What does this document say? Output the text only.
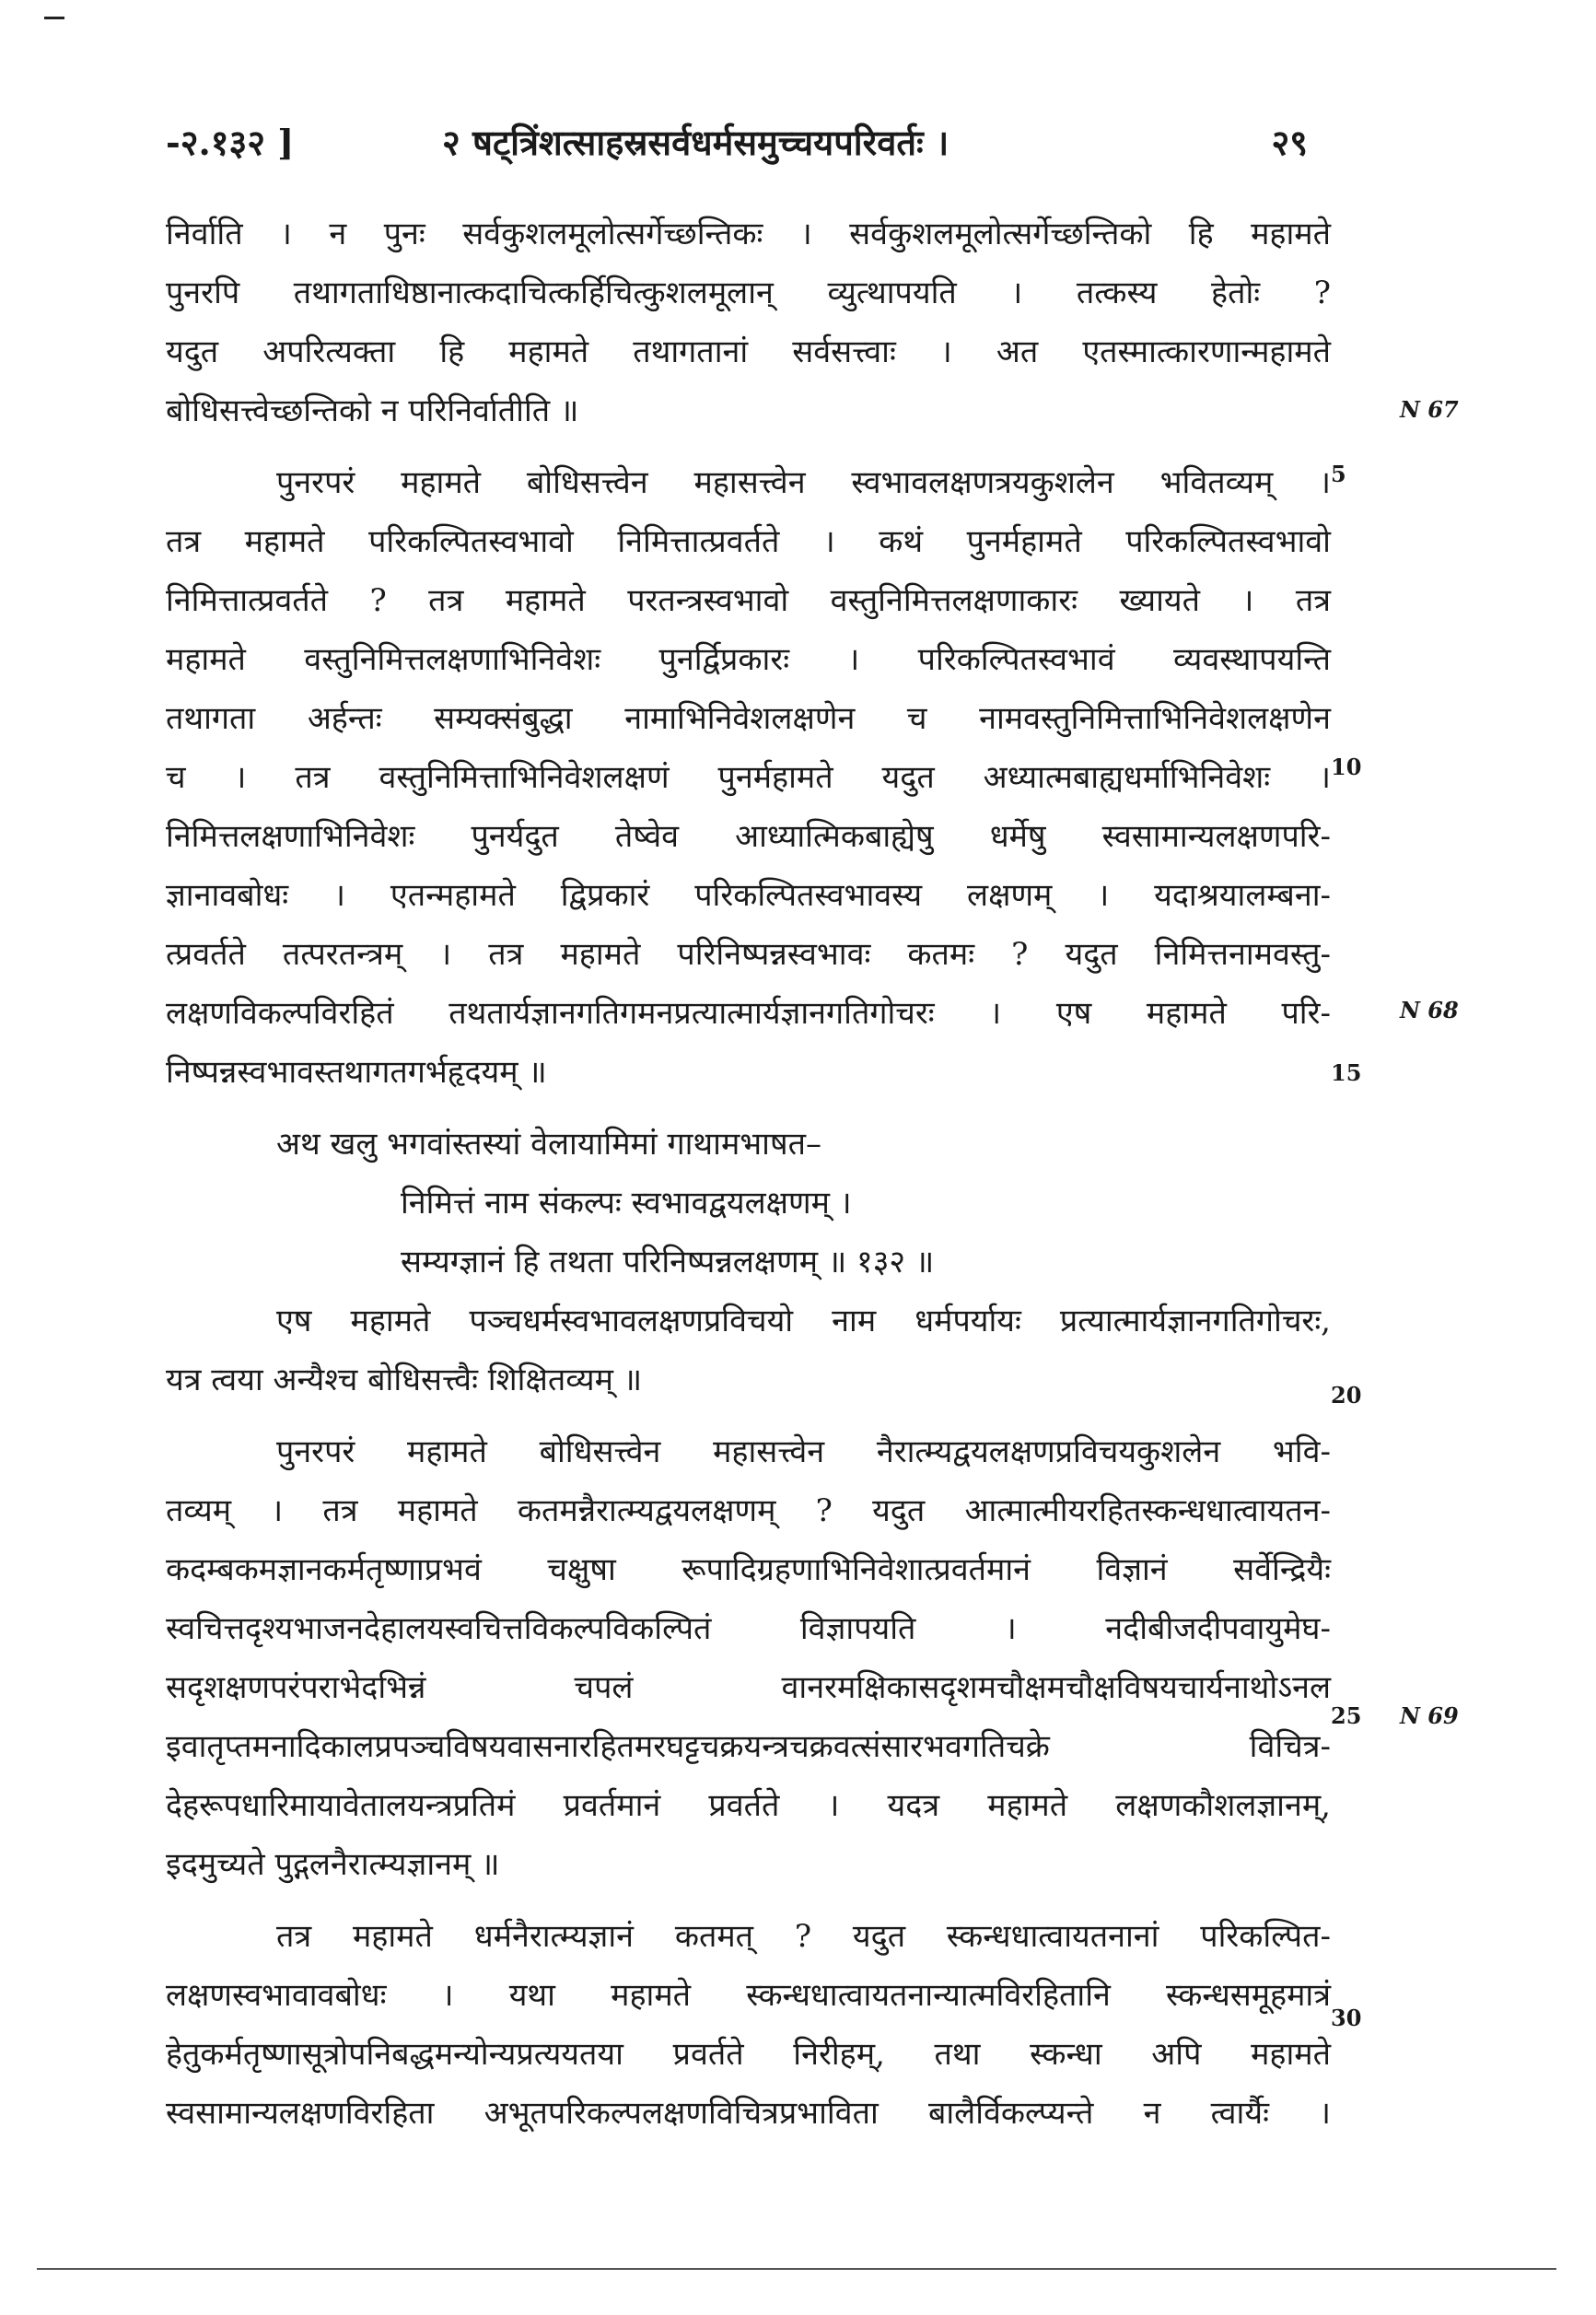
-२.१३२ ]	२ षट्त्रिंशत्साहस्रसर्वधर्मसमुच्चयपरिवर्तः ।	२९
निर्वाति । न पुनः सर्वकुशलमूलोत्सर्गेच्छन्तिकः । सर्वकुशलमूलोत्सर्गेच्छन्तिको हि महामते
पुनरपि तथागताधिष्ठानात्कदाचित्कर्हिचित्कुशलमूलान् व्युत्थापयति । तत्कस्य हेतोः ?
यदुत अपरित्यक्ता हि महामते तथागतानां सर्वसत्त्वाः । अत एतस्मात्कारणान्महामते
बोधिसत्त्वेच्छन्तिको न परिनिर्वातीति ॥
पुनरपरं महामते बोधिसत्त्वेन महासत्त्वेन स्वभावलक्षणत्रयकुशलेन भवितव्यम् ।
तत्र महामते परिकल्पितस्वभावो निमित्तात्प्रवर्तते । कथं पुनर्महामते परिकल्पितस्वभावो
निमित्तात्प्रवर्तते ? तत्र महामते परतन्त्रस्वभावो वस्तुनिमित्तलक्षणाकारः ख्यायते । तत्र
महामते वस्तुनिमित्तलक्षणाभिनिवेशः पुनर्द्विप्रकारः । परिकल्पितस्वभावं व्यवस्थापयन्ति
तथागता अर्हन्तः सम्यक्संबुद्धा नामाभिनिवेशलक्षणेन च नामवस्तुनिमित्ताभिनिवेशलक्षणेन
च । तत्र वस्तुनिमित्ताभिनिवेशलक्षणं पुनर्महामते यदुत अध्यात्मबाह्यधर्माभिनिवेशः ।
निमित्तलक्षणाभिनिवेशः पुनर्यदुत तेष्वेव आध्यात्मिकबाह्येषु धर्मेषु स्वसामान्यलक्षणपरि-
ज्ञानावबोधः । एतन्महामते द्विप्रकारं परिकल्पितस्वभावस्य लक्षणम् । यदाश्रयालम्बना-
त्प्रवर्तते तत्परतन्त्रम् । तत्र महामते परिनिष्पन्नस्वभावः कतमः ? यदुत निमित्तनामवस्तु-
लक्षणविकल्पविरहितं तथतार्यज्ञानगतिगमनप्रत्यात्मार्यज्ञानगतिगोचरः । एष महामते परि-
निष्पन्नस्वभावस्तथागतगर्भहृदयम् ॥
अथ खलु भगवांस्तस्यां वेलायामिमां गाथामभाषत–
निमित्तं नाम संकल्पः स्वभावद्वयलक्षणम् ।
सम्यग्ज्ञानं हि तथता परिनिष्पन्नलक्षणम् ॥ १३२ ॥
एष महामते पञ्चधर्मस्वभावलक्षणप्रविचयो नाम धर्मपर्यायः प्रत्यात्मार्यज्ञानगतिगोचरः,
यत्र त्वया अन्यैश्च बोधिसत्त्वैः शिक्षितव्यम् ॥
पुनरपरं महामते बोधिसत्त्वेन महासत्त्वेन नैरात्म्यद्वयलक्षणप्रविचयकुशलेन भवि-
तव्यम् । तत्र महामते कतमन्नैरात्म्यद्वयलक्षणम् ? यदुत आत्मात्मीयरहितस्कन्धधात्वायतन-
कदम्बकमज्ञानकर्मतृष्णाप्रभवं चक्षुषा रूपादिग्रहणाभिनिवेशात्प्रवर्तमानं विज्ञानं सर्वेन्द्रियैः
स्वचित्तदृश्यभाजनदेहालयस्वचित्तविकल्पविकल्पितं विज्ञापयति । नदीबीजदीपवायुमेघ-
सदृशक्षणपरंपराभेदभिन्नं चपलं वानरमक्षिकासदृशमचौक्षमचौक्षविषयचार्यनाथोऽनल
इवातृप्तमनादिकालप्रपञ्चविषयवासनारहितमरघट्टचक्रयन्त्रचक्रवत्संसारभवगतिचक्रे विचित्र-
देहरूपधारिमायावेतालयन्त्रप्रतिमं प्रवर्तमानं प्रवर्तते । यदत्र महामते लक्षणकौशलज्ञानम्,
इदमुच्यते पुद्गलनैरात्म्यज्ञानम् ॥
तत्र महामते धर्मनैरात्म्यज्ञानं कतमत् ? यदुत स्कन्धधात्वायतनानां परिकल्पित-
लक्षणस्वभावावबोधः । यथा महामते स्कन्धधात्वायतनान्यात्मविरहितानि स्कन्धसमूहमात्रं
हेतुकर्मतृष्णासूत्रोपनिबद्धमन्योन्यप्रत्ययतया प्रवर्तते निरीहम्, तथा स्कन्धा अपि महामते
स्वसामान्यलक्षणविरहिता अभूतपरिकल्पलक्षणविचित्रप्रभाविता बालैर्विकल्प्यन्ते न त्वार्यैः ।
N 67
5
10
N 68
15
20
25 N 69
30
